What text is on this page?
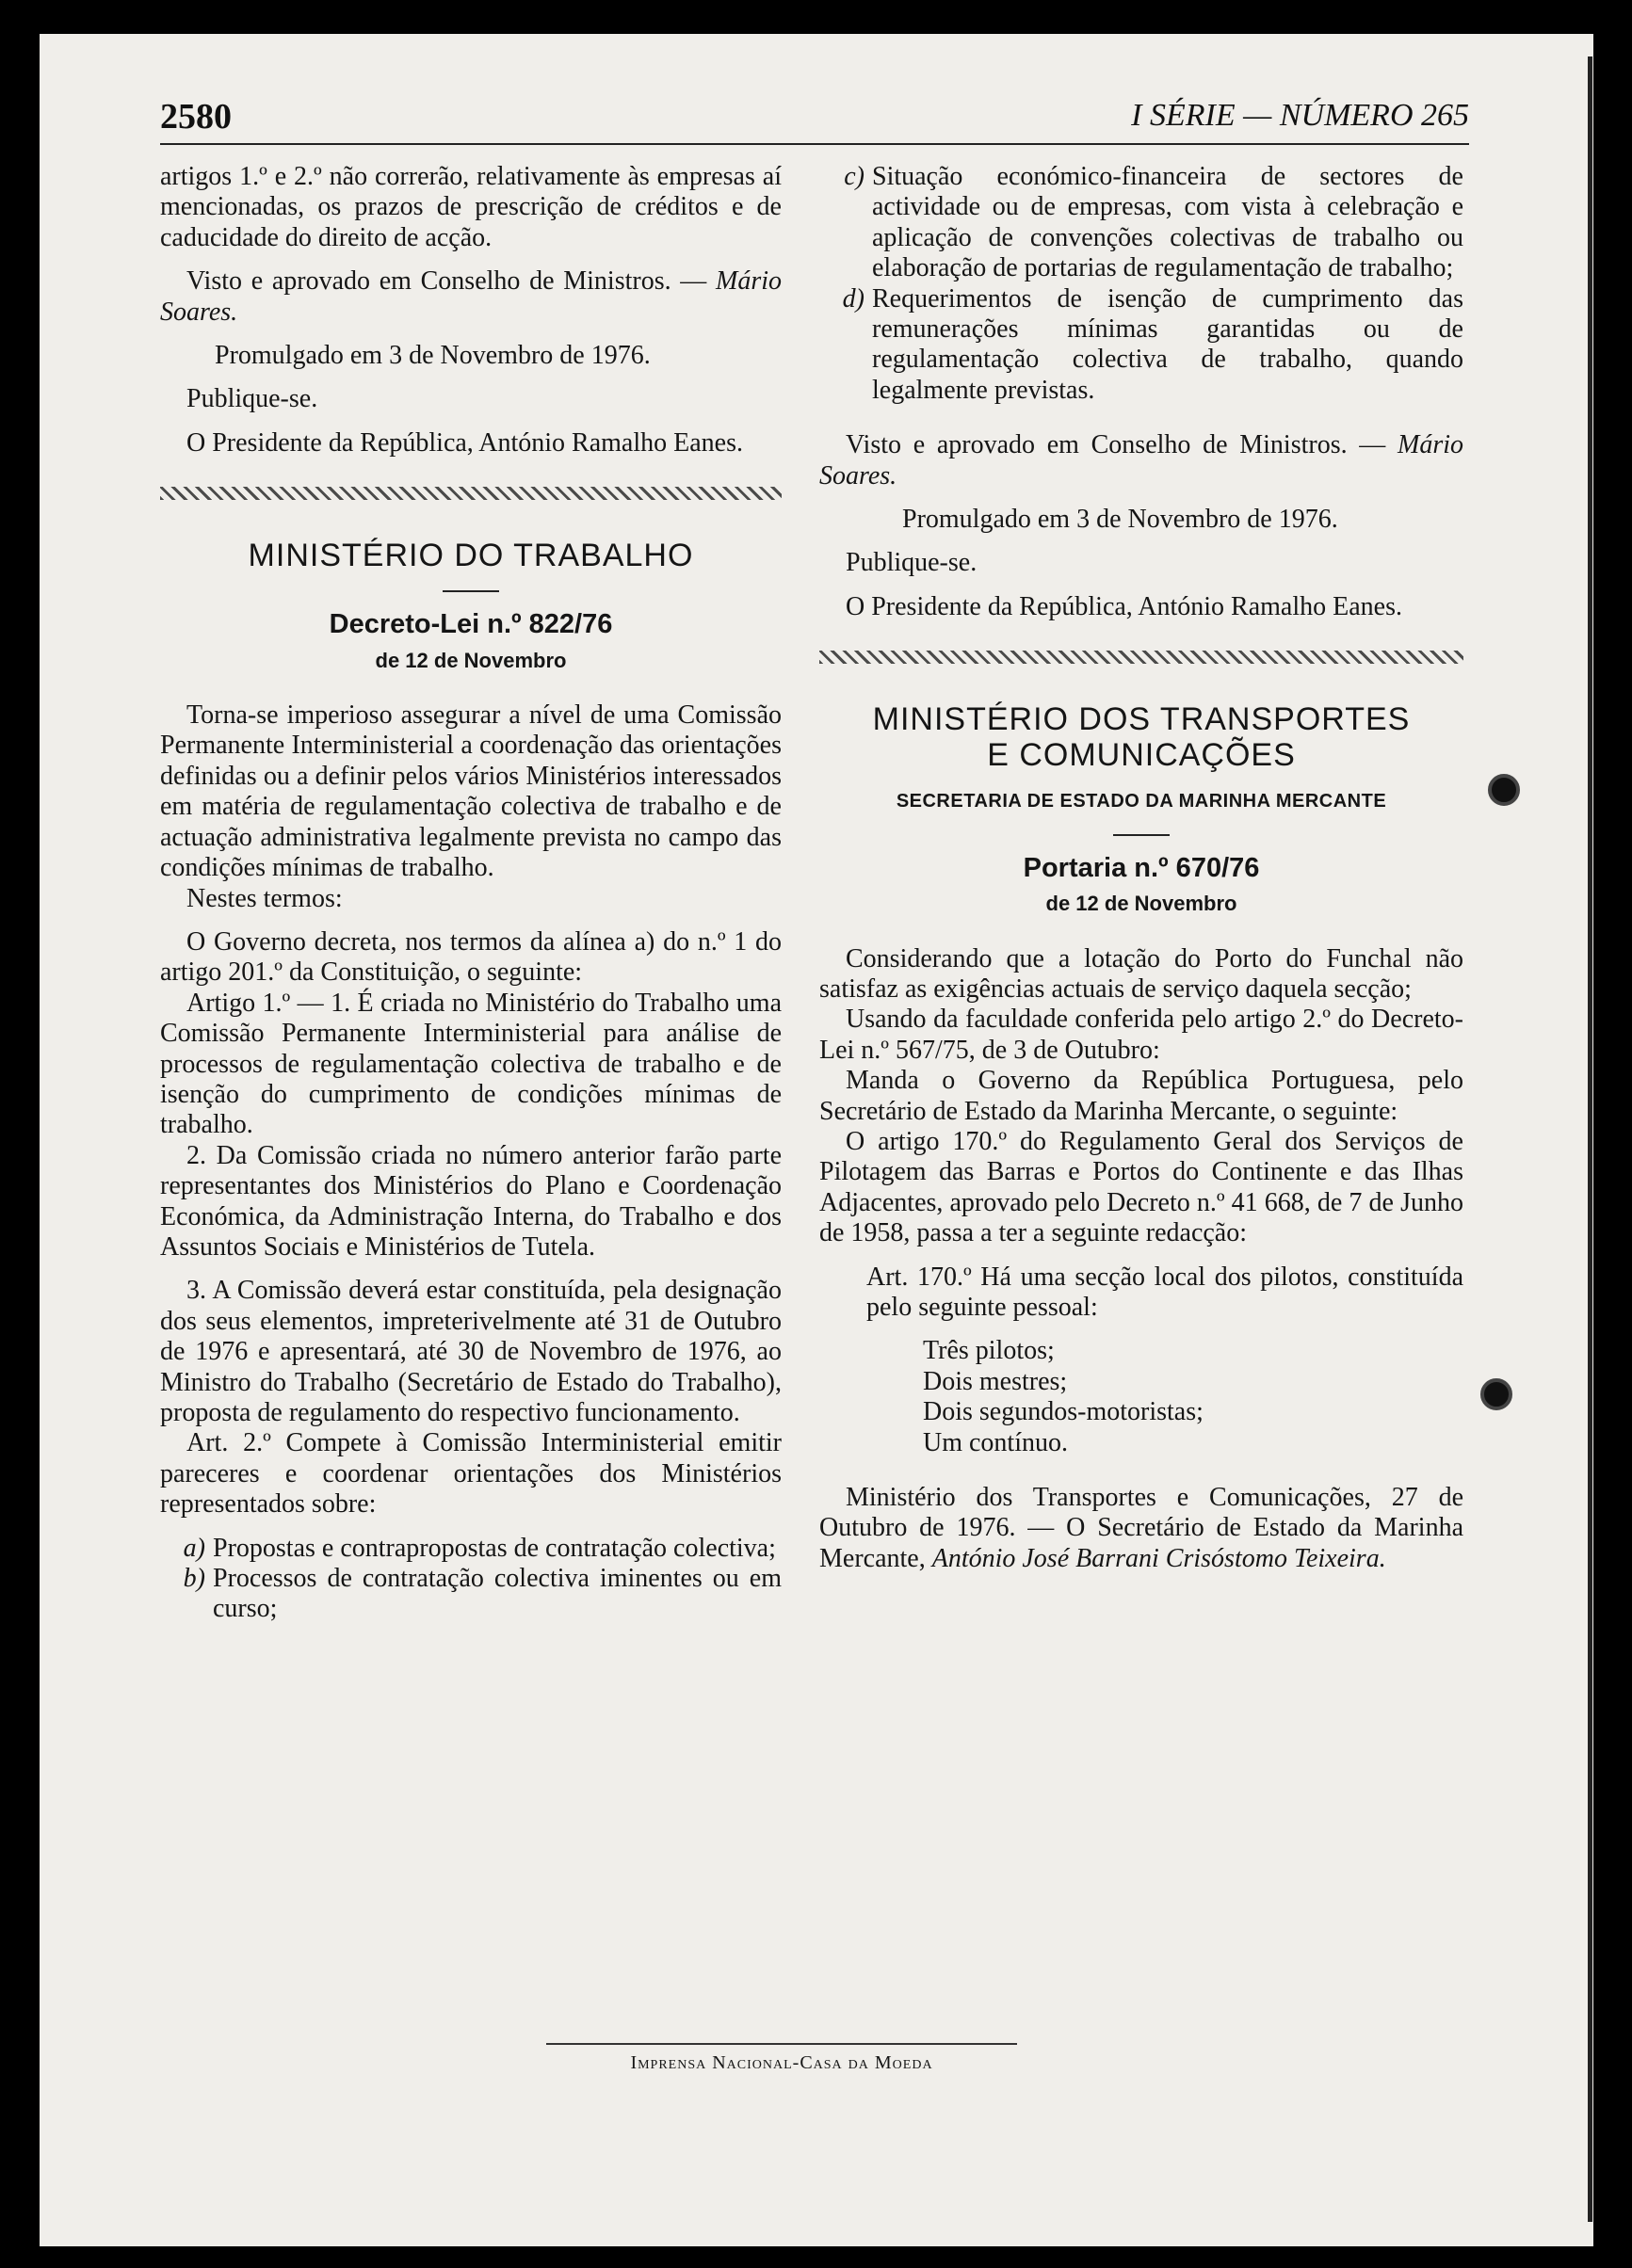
2580	I SÉRIE — NÚMERO 265

artigos 1.º e 2.º não correrão, relativamente às empresas aí mencionadas, os prazos de prescrição de créditos e de caducidade do direito de acção.

Visto e aprovado em Conselho de Ministros. — Mário Soares.

Promulgado em 3 de Novembro de 1976.

Publique-se.

O Presidente da República, António Ramalho Eanes.

MINISTÉRIO DO TRABALHO
Decreto-Lei n.º 822/76
de 12 de Novembro

Torna-se imperioso assegurar a nível de uma Comissão Permanente Interministerial a coordenação das orientações definidas ou a definir pelos vários Ministérios interessados em matéria de regulamentação colectiva de trabalho e de actuação administrativa legalmente prevista no campo das condições mínimas de trabalho.

Nestes termos:

O Governo decreta, nos termos da alínea a) do n.º 1 do artigo 201.º da Constituição, o seguinte:

Artigo 1.º — 1. É criada no Ministério do Trabalho uma Comissão Permanente Interministerial para análise de processos de regulamentação colectiva de trabalho e de isenção do cumprimento de condições mínimas de trabalho.

2. Da Comissão criada no número anterior farão parte representantes dos Ministérios do Plano e Coordenação Económica, da Administração Interna, do Trabalho e dos Assuntos Sociais e Ministérios de Tutela.

3. A Comissão deverá estar constituída, pela designação dos seus elementos, impreterivelmente até 31 de Outubro de 1976 e apresentará, até 30 de Novembro de 1976, ao Ministro do Trabalho (Secretário de Estado do Trabalho), proposta de regulamento do respectivo funcionamento.

Art. 2.º Compete à Comissão Interministerial emitir pareceres e coordenar orientações dos Ministérios representados sobre:

a) Propostas e contrapropostas de contratação colectiva;
b) Processos de contratação colectiva iminentes ou em curso;
c) Situação económico-financeira de sectores de actividade ou de empresas, com vista à celebração e aplicação de convenções colectivas de trabalho ou elaboração de portarias de regulamentação de trabalho;
d) Requerimentos de isenção de cumprimento das remunerações mínimas garantidas ou de regulamentação colectiva de trabalho, quando legalmente previstas.

Visto e aprovado em Conselho de Ministros. — Mário Soares.

Promulgado em 3 de Novembro de 1976.

Publique-se.

O Presidente da República, António Ramalho Eanes.

MINISTÉRIO DOS TRANSPORTES
E COMUNICAÇÕES
SECRETARIA DE ESTADO DA MARINHA MERCANTE
Portaria n.º 670/76
de 12 de Novembro

Considerando que a lotação do Porto do Funchal não satisfaz as exigências actuais de serviço daquela secção;

Usando da faculdade conferida pelo artigo 2.º do Decreto-Lei n.º 567/75, de 3 de Outubro:

Manda o Governo da República Portuguesa, pelo Secretário de Estado da Marinha Mercante, o seguinte:

O artigo 170.º do Regulamento Geral dos Serviços de Pilotagem das Barras e Portos do Continente e das Ilhas Adjacentes, aprovado pelo Decreto n.º 41 668, de 7 de Junho de 1958, passa a ter a seguinte redacção:

Art. 170.º Há uma secção local dos pilotos, constituída pelo seguinte pessoal:

Três pilotos;
Dois mestres;
Dois segundos-motoristas;
Um contínuo.

Ministério dos Transportes e Comunicações, 27 de Outubro de 1976. — O Secretário de Estado da Marinha Mercante, António José Barrani Crisóstomo Teixeira.

Imprensa Nacional-Casa da Moeda
